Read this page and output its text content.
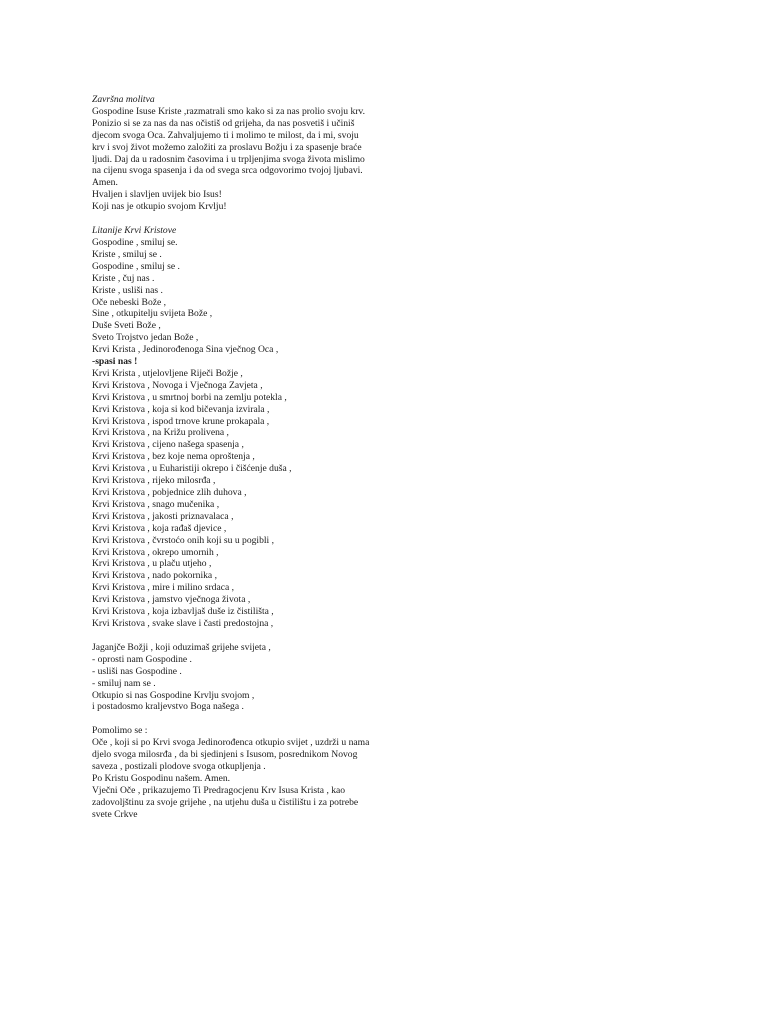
Završna molitva
Gospodine Isuse Kriste ,razmatrali smo kako si za nas prolio svoju krv.
Ponizio si se za nas da nas očistiš od grijeha, da nas posvetiš i učiniš
djecom svoga Oca. Zahvaljujemo ti i molimo te milost, da i mi, svoju
krv i svoj život možemo založiti za proslavu Božju i za spasenje braće
ljudi. Daj da u radosnim časovima i u trpljenjima svoga života mislimo
na cijenu svoga spasenja i da od svega srca odgovorimo tvojoj ljubavi.
Amen.
Hvaljen i slavljen uvijek bio Isus!
Koji nas je otkupio svojom Krvlju!
Litanije Krvi Kristove
Gospodine , smiluj se.
Kriste , smiluj se .
Gospodine , smiluj se .
Kriste , čuj nas .
Kriste , usliši nas .
Oče nebeski Bože ,
Sine , otkupitelju svijeta Bože ,
Duše Sveti Bože ,
Sveto Trojstvo jedan Bože ,
Krvi Krista , Jedinorođenoga Sina vječnog Oca ,
-spasi nas !
Krvi Krista , utjelovljene Riječi Božje ,
Krvi Kristova , Novoga i Vječnoga Zavjeta ,
Krvi Kristova , u smrtnoj borbi na zemlju potekla ,
Krvi Kristova , koja si kod bičevanja izvirala ,
Krvi Kristova , ispod trnove krune prokapala ,
Krvi Kristova , na Križu prolivena ,
Krvi Kristova , cijeno našega spasenja ,
Krvi Kristova , bez koje nema oproštenja ,
Krvi Kristova , u Euharistiji okrepo i čišćenje duša ,
Krvi Kristova , rijeko milosrđa ,
Krvi Kristova , pobjednice zlih duhova ,
Krvi Kristova , snago mučenika ,
Krvi Kristova , jakosti priznavalaca ,
Krvi Kristova , koja rađaš djevice ,
Krvi Kristova , čvrstoćo onih koji su u pogibli ,
Krvi Kristova , okrepo umornih ,
Krvi Kristova , u plaču utjeho ,
Krvi Kristova , nado pokornika ,
Krvi Kristova , mire i milino srdaca ,
Krvi Kristova , jamstvo vječnoga života ,
Krvi Kristova , koja izbavljaš duše iz čistilišta ,
Krvi Kristova , svake slave i časti predostojna ,
Jaganjče Božji , koji oduzimaš grijehe svijeta ,
- oprosti nam Gospodine .
- usliši nas Gospodine .
- smiluj nam se .
Otkupio si nas Gospodine Krvlju svojom ,
i postadosmo kraljevstvo Boga našega .
Pomolimo se :
Oče , koji si po Krvi svoga Jedinorođenca otkupio svijet , uzdrži u nama
djelo svoga milosrđa , da bi sjedinjeni s Isusom, posrednikom Novog
saveza , postizali plodove svoga otkupljenja .
Po Kristu Gospodinu našem. Amen.
Vječni Oče , prikazujemo Ti Predragocjenu Krv Isusa Krista , kao
zadovoljštinu za svoje grijehe , na utjehu duša u čistilištu i za potrebe
svete Crkve
